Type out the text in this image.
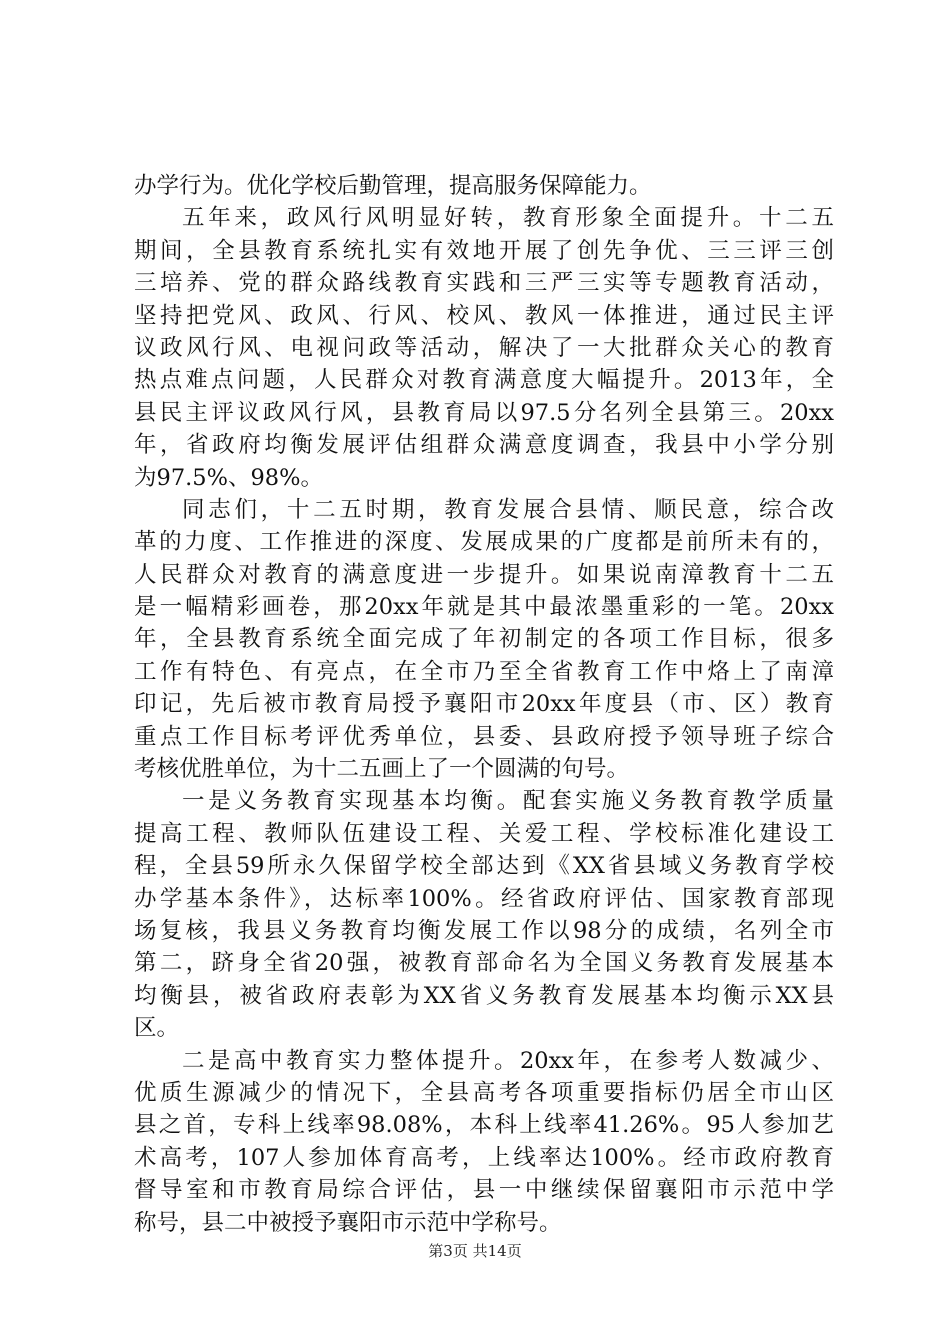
办学行为。优化学校后勤管理，提高服务保障能力。
五年来，政风行风明显好转，教育形象全面提升。十二五
期间，全县教育系统扎实有效地开展了创先争优、三三评三创
三培养、党的群众路线教育实践和三严三实等专题教育活动，
坚持把党风、政风、行风、校风、教风一体推进，通过民主评
议政风行风、电视问政等活动，解决了一大批群众关心的教育
热点难点问题，人民群众对教育满意度大幅提升。2013年，全
县民主评议政风行风，县教育局以97.5分名列全县第三。20xx
年，省政府均衡发展评估组群众满意度调查，我县中小学分别
为97.5%、98%。
同志们，十二五时期，教育发展合县情、顺民意，综合改
革的力度、工作推进的深度、发展成果的广度都是前所未有的，
人民群众对教育的满意度进一步提升。如果说南漳教育十二五
是一幅精彩画卷，那20xx年就是其中最浓墨重彩的一笔。20xx
年，全县教育系统全面完成了年初制定的各项工作目标，很多
工作有特色、有亮点，在全市乃至全省教育工作中烙上了南漳
印记，先后被市教育局授予襄阳市20xx年度县（市、区）教育
重点工作目标考评优秀单位，县委、县政府授予领导班子综合
考核优胜单位，为十二五画上了一个圆满的句号。
一是义务教育实现基本均衡。配套实施义务教育教学质量
提高工程、教师队伍建设工程、关爱工程、学校标准化建设工
程，全县59所永久保留学校全部达到《XX省县域义务教育学校
办学基本条件》，达标率100%。经省政府评估、国家教育部现
场复核，我县义务教育均衡发展工作以98分的成绩，名列全市
第二，跻身全省20强，被教育部命名为全国义务教育发展基本
均衡县，被省政府表彰为XX省义务教育发展基本均衡示XX县
区。
二是高中教育实力整体提升。20xx年，在参考人数减少、
优质生源减少的情况下，全县高考各项重要指标仍居全市山区
县之首，专科上线率98.08%，本科上线率41.26%。95人参加艺
术高考，107人参加体育高考，上线率达100%。经市政府教育
督导室和市教育局综合评估，县一中继续保留襄阳市示范中学
称号，县二中被授予襄阳市示范中学称号。
第3页 共14页
